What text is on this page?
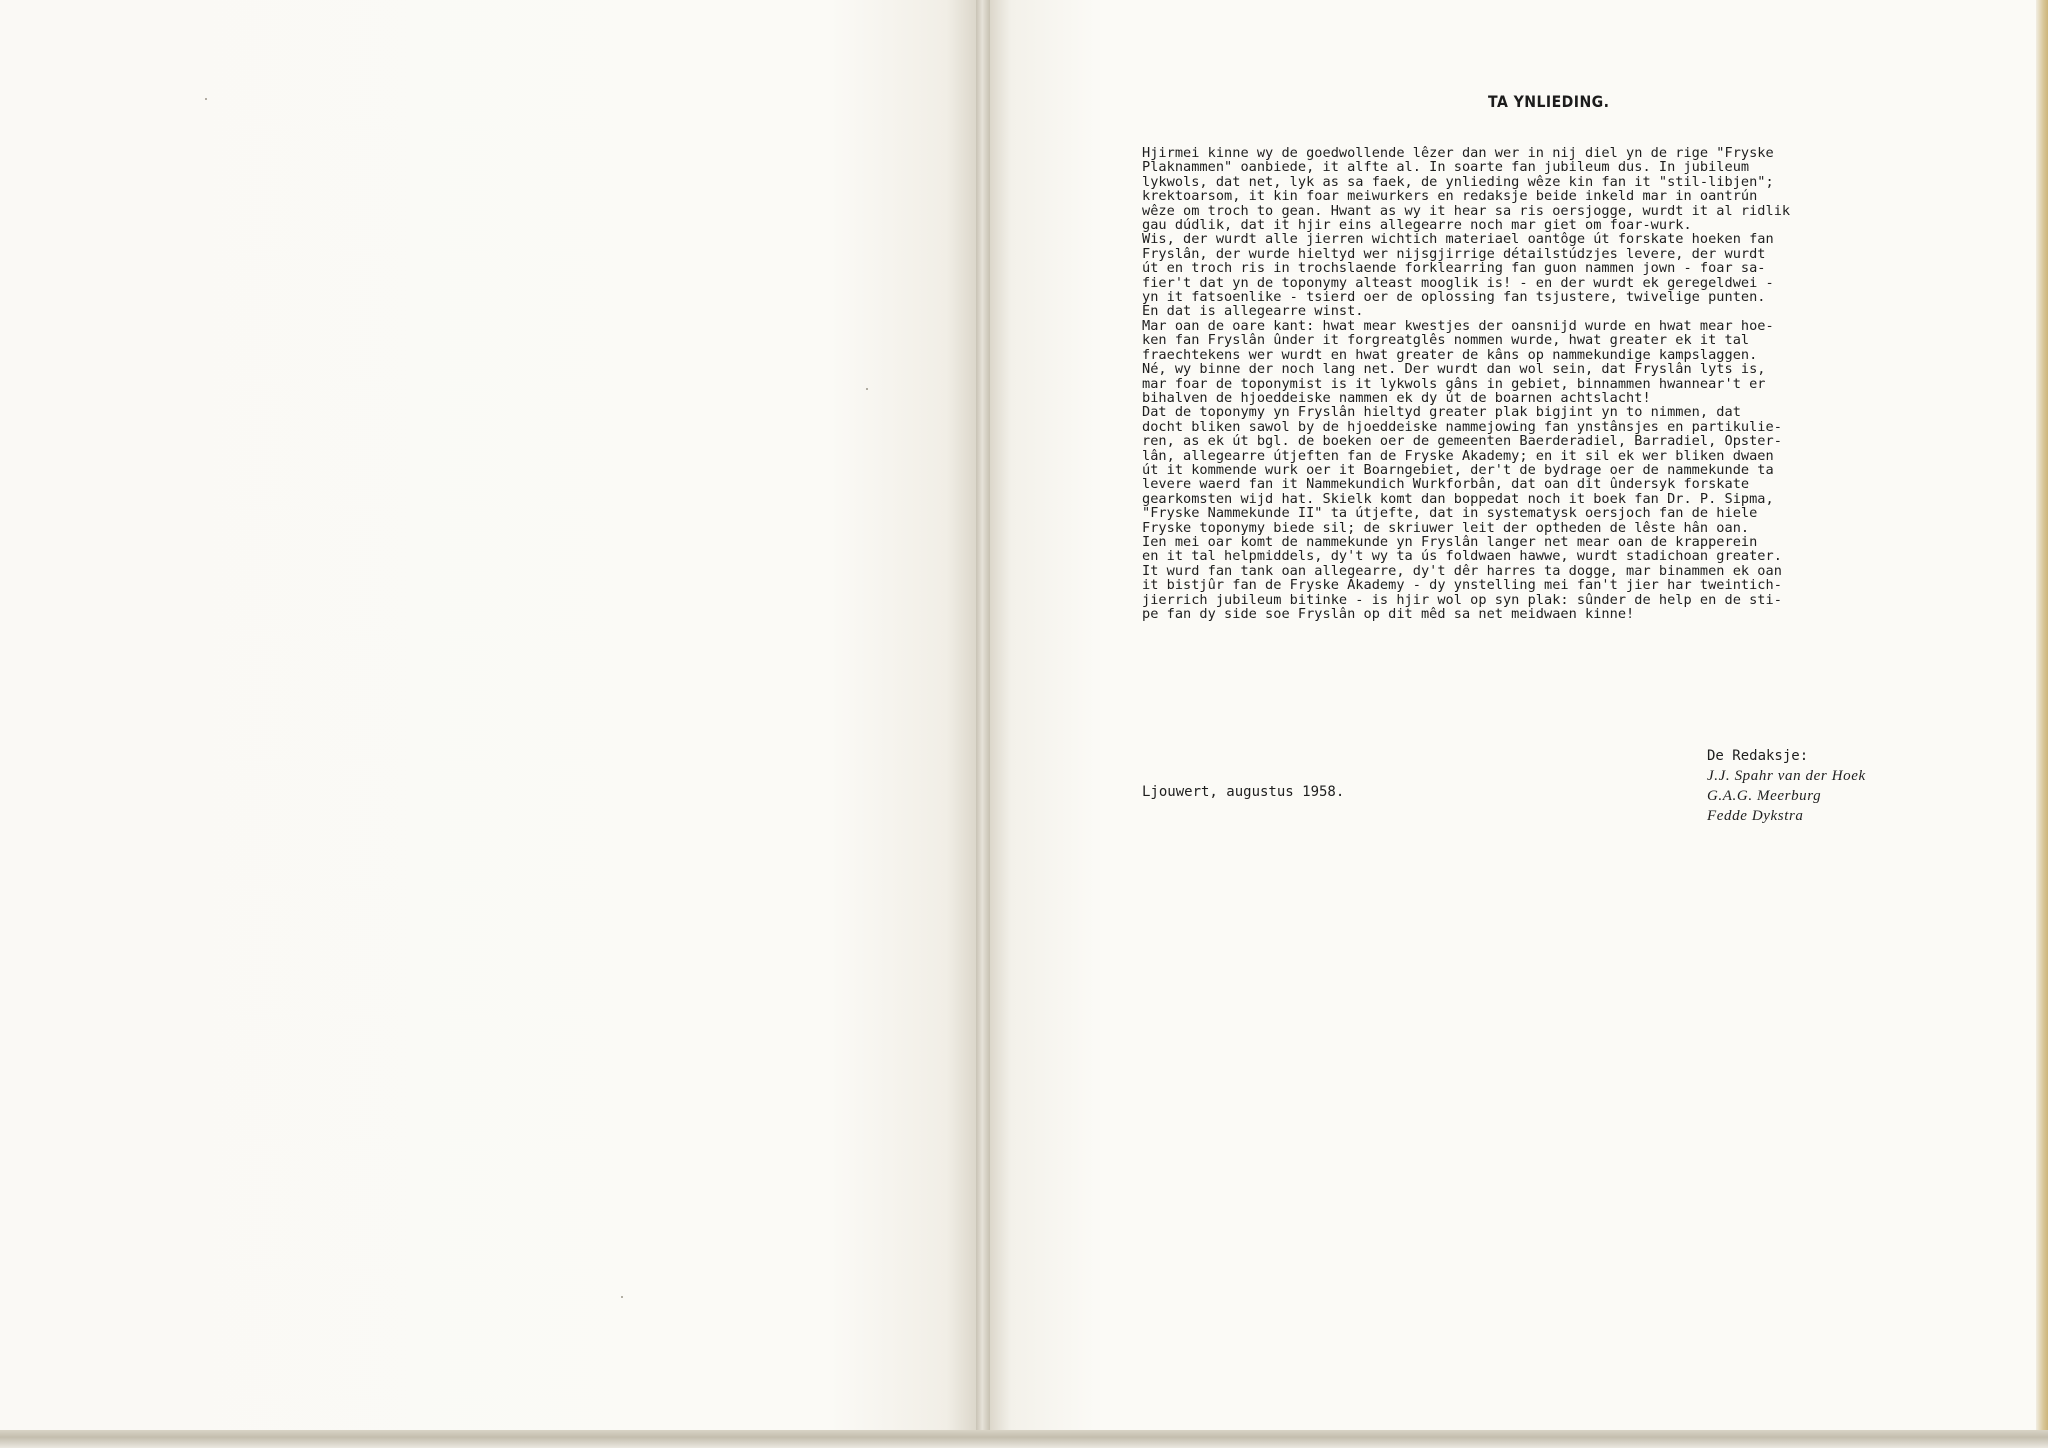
TA YNLIEDING.
Hjirmei kinne wy de goedwollende lêzer dan wer in nij diel yn de rige "Fryske
Plaknammen" oanbiede, it alfte al. In soarte fan jubileum dus. In jubileum
lykwols, dat net, lyk as sa faek, de ynlieding wêze kin fan it "stil-libjen";
krektoarsom, it kin foar meiwurkers en redaksje beide inkeld mar in oantrún
wêze om troch to gean. Hwant as wy it hear sa ris oersjogge, wurdt it al ridlik
gau dúdlik, dat it hjir eins allegearre noch mar giet om foar-wurk.
Wis, der wurdt alle jierren wichtich materiael oantôge út forskate hoeken fan
Fryslân, der wurde hieltyd wer nijsgjirrige détailstúdzjes levere, der wurdt
út en troch ris in trochslaende forklearring fan guon nammen jown - foar sa-
fier't dat yn de toponymy alteast mooglik is! - en der wurdt ek geregeldwei -
yn it fatsoenlike - tsierd oer de oplossing fan tsjustere, twivelige punten.
En dat is allegearre winst.
Mar oan de oare kant: hwat mear kwestjes der oansnijd wurde en hwat mear hoe-
ken fan Fryslân ûnder it forgreatglês nommen wurde, hwat greater ek it tal
fraechtekens wer wurdt en hwat greater de kâns op nammekundige kampslaggen.
Né, wy binne der noch lang net. Der wurdt dan wol sein, dat Fryslân lyts is,
mar foar de toponymist is it lykwols gâns in gebiet, binnammen hwannear't er
bihalven de hjoeddeiske nammen ek dy út de boarnen achtslacht!
Dat de toponymy yn Fryslân hieltyd greater plak bigjint yn to nimmen, dat
docht bliken sawol by de hjoeddeiske nammejowing fan ynstânsjes en partikulie-
ren, as ek út bgl. de boeken oer de gemeenten Baerderadiel, Barradiel, Opster-
lân, allegearre útjeften fan de Fryske Akademy; en it sil ek wer bliken dwaen
út it kommende wurk oer it Boarngebiet, der't de bydrage oer de nammekunde ta
levere waerd fan it Nammekundich Wurkforbân, dat oan dit ûndersyk forskate
gearkomsten wijd hat. Skielk komt dan boppedat noch it boek fan Dr. P. Sipma,
"Fryske Nammekunde II" ta útjefte, dat in systematysk oersjoch fan de hiele
Fryske toponymy biede sil; de skriuwer leit der optheden de lêste hân oan.
Ien mei oar komt de nammekunde yn Fryslân langer net mear oan de krapperein
en it tal helpmiddels, dy't wy ta ús foldwaen hawwe, wurdt stadichoan greater.
It wurd fan tank oan allegearre, dy't dêr harres ta dogge, mar binammen ek oan
it bistjûr fan de Fryske Akademy - dy ynstelling mei fan't jier har tweintich-
jierrich jubileum bitinke - is hjir wol op syn plak: sûnder de help en de sti-
pe fan dy side soe Fryslân op dit mêd sa net meidwaen kinne!

Ljouwert, augustus 1958.

De Redaksje:
J.J. Spahr van der Hoek
G.A.G. Meerburg
Fedde Dykstra
